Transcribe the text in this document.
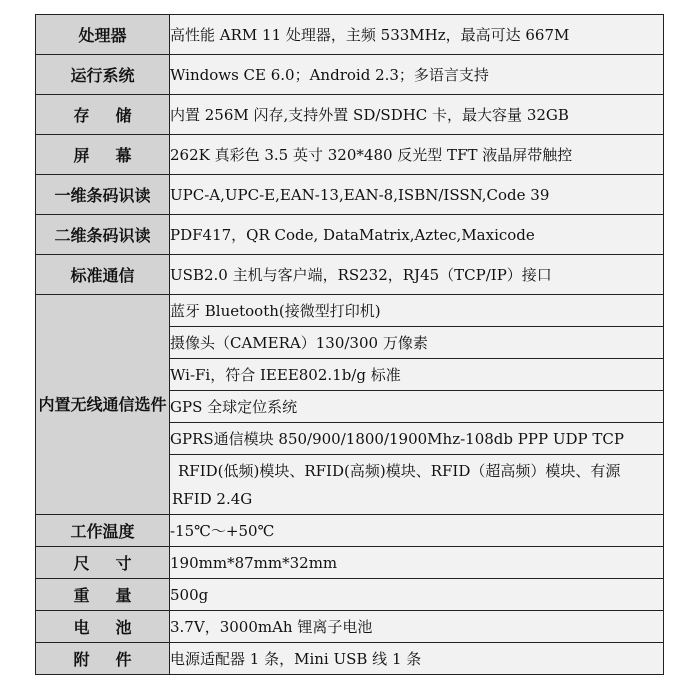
处理器	高性能 ARM 11 处理器，主频 533MHz，最高可达 667M
运行系统	Windows CE 6.0；Android 2.3；多语言支持
存储	内置 256M 闪存,支持外置 SD/SDHC 卡，最大容量 32GB
屏幕	262K 真彩色 3.5 英寸 320*480 反光型 TFT 液晶屏带触控
一维条码识读	UPC-A,UPC-E,EAN-13,EAN-8,ISBN/ISSN,Code 39
二维条码识读	PDF417，QR Code, DataMatrix,Aztec,Maxicode
标准通信	USB2.0 主机与客户端，RS232，RJ45（TCP/IP）接口
内置无线通信选件	蓝牙 Bluetooth(接微型打印机)
	摄像头（CAMERA）130/300 万像素
	Wi-Fi，符合 IEEE802.1b/g 标准
	GPS 全球定位系统
	GPRS通信模块 850/900/1800/1900Mhz-108db PPP UDP TCP
	RFID(低频)模块、RFID(高频)模块、RFID（超高频）模块、有源 RFID 2.4G
工作温度	-15℃～+50℃
尺寸	190mm*87mm*32mm
重量	500g
电池	3.7V，3000mAh 锂离子电池
附件	电源适配器 1 条，Mini USB 线 1 条
